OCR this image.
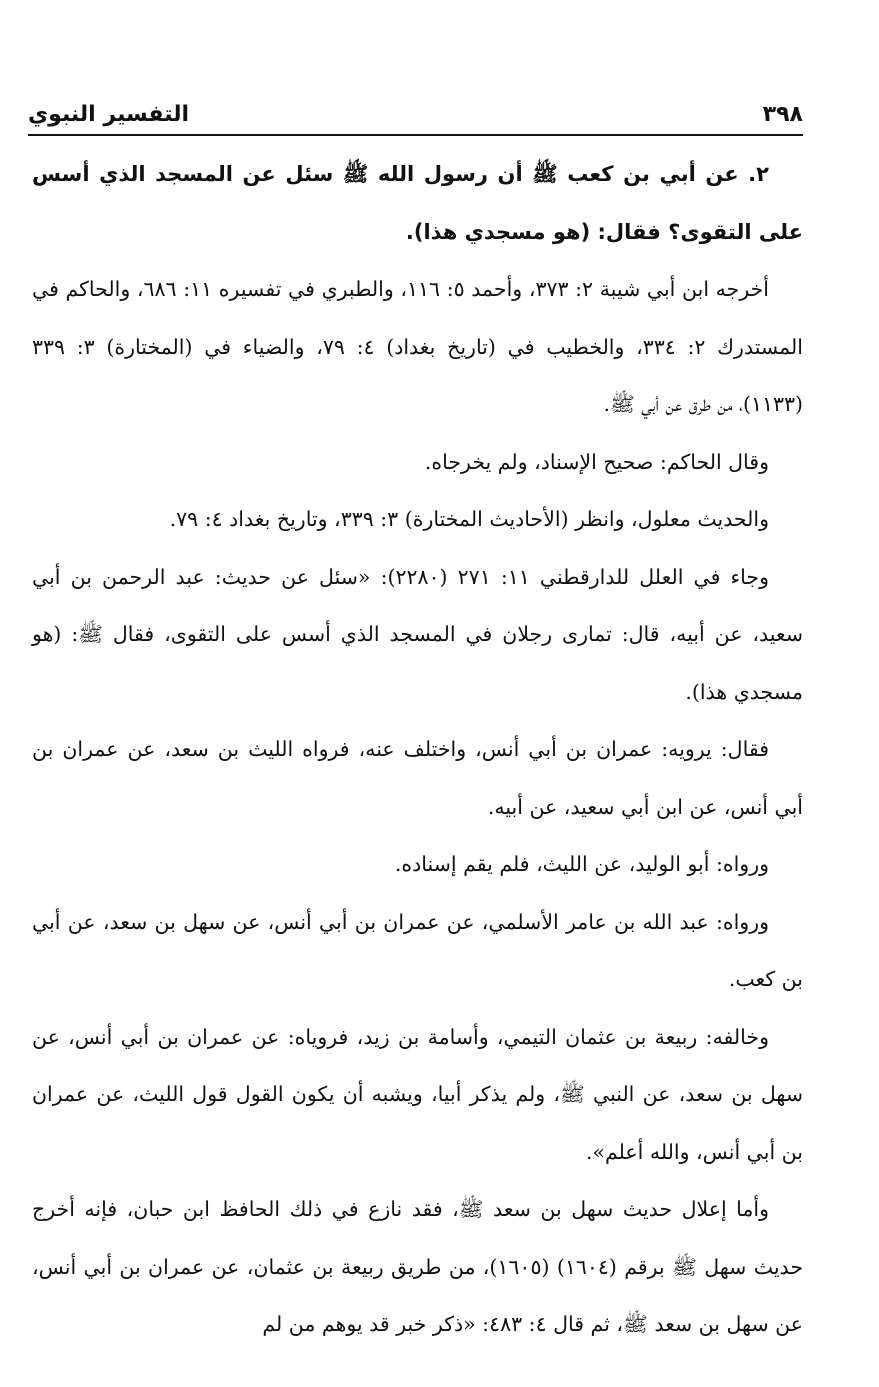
٣٩٨
التفسير النبوي

٢. عن أبي بن كعب ﷺ أن رسول الله ﷺ سئل عن المسجد الذي أسس على التقوى؟ فقال: (هو مسجدي هذا).

أخرجه ابن أبي شيبة ٢: ٣٧٣، وأحمد ٥: ١١٦، والطبري في تفسيره ١١: ٦٨٦، والحاكم في المستدرك ٢: ٣٣٤، والخطيب في (تاريخ بغداد) ٤: ٧٩، والضياء في (المختارة) ٣: ٣٣٩ (١١٣٣)، من طرق عن أبي ﷺ.

وقال الحاكم: صحيح الإسناد، ولم يخرجاه.

والحديث معلول، وانظر (الأحاديث المختارة) ٣: ٣٣٩، وتاريخ بغداد ٤: ٧٩.

وجاء في العلل للدارقطني ١١: ٢٧١ (٢٢٨٠): «سئل عن حديث: عبد الرحمن بن أبي سعيد، عن أبيه، قال: تمارى رجلان في المسجد الذي أسس على التقوى، فقال ﷺ: (هو مسجدي هذا).

فقال: يرويه: عمران بن أبي أنس، واختلف عنه، فرواه الليث بن سعد، عن عمران بن أبي أنس، عن ابن أبي سعيد، عن أبيه.

ورواه: أبو الوليد، عن الليث، فلم يقم إسناده.

ورواه: عبد الله بن عامر الأسلمي، عن عمران بن أبي أنس، عن سهل بن سعد، عن أبي بن كعب.

وخالفه: ربيعة بن عثمان التيمي، وأسامة بن زيد، فروياه: عن عمران بن أبي أنس، عن سهل بن سعد، عن النبي ﷺ، ولم يذكر أبيا، ويشبه أن يكون القول قول الليث، عن عمران بن أبي أنس، والله أعلم».

وأما إعلال حديث سهل بن سعد ﷺ، فقد نازع في ذلك الحافظ ابن حبان، فإنه أخرج حديث سهل ﷺ برقم (١٦٠٤) (١٦٠٥)، من طريق ربيعة بن عثمان، عن عمران بن أبي أنس، عن سهل بن سعد ﷺ، ثم قال ٤: ٤٨٣: «ذكر خبر قد يوهم من لم
